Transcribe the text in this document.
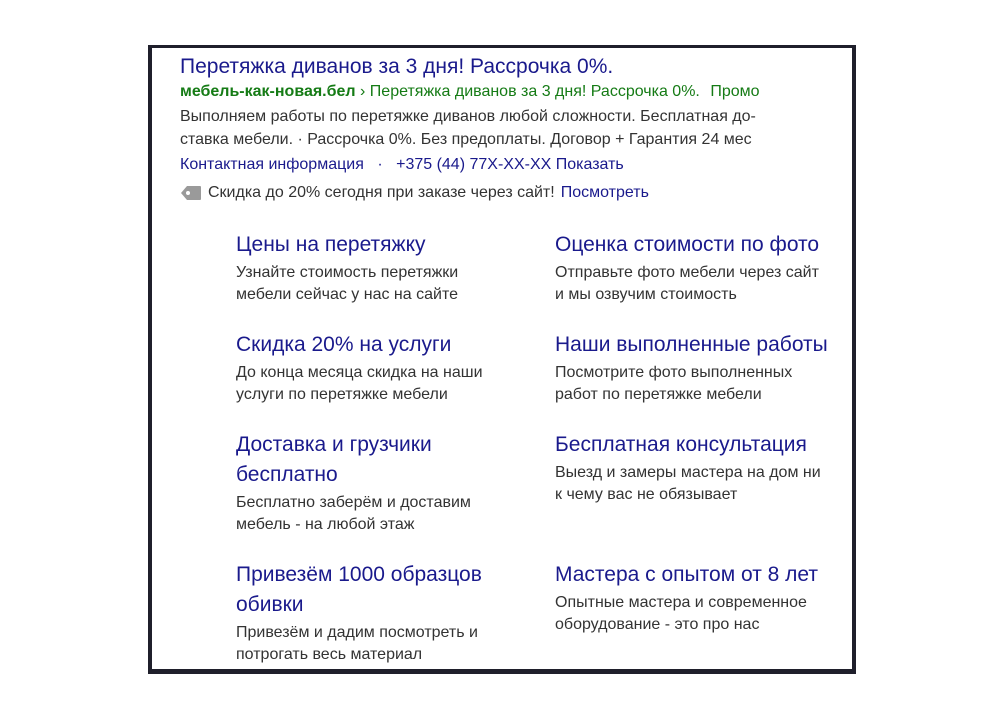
Перетяжка диванов за 3 дня! Рассрочка 0%.
мебель-как-новая.бел › Перетяжка диванов за 3 дня! Рассрочка 0%. Промо
Выполняем работы по перетяжке диванов любой сложности. Бесплатная до-
ставка мебели. · Рассрочка 0%. Без предоплаты. Договор + Гарантия 24 мес
Контактная информация · +375 (44) 77X-XX-XX Показать
Скидка до 20% сегодня при заказе через сайт! Посмотреть
Цены на перетяжку
Узнайте стоимость перетяжки
мебели сейчас у нас на сайте
Оценка стоимости по фото
Отправьте фото мебели через сайт
и мы озвучим стоимость
Скидка 20% на услуги
До конца месяца скидка на наши
услуги по перетяжке мебели
Наши выполненные работы
Посмотрите фото выполненных
работ по перетяжке мебели
Доставка и грузчики
бесплатно
Бесплатно заберём и доставим
мебель - на любой этаж
Бесплатная консультация
Выезд и замеры мастера на дом ни
к чему вас не обязывает
Привезём 1000 образцов
обивки
Привезём и дадим посмотреть и
потрогать весь материал
Мастера с опытом от 8 лет
Опытные мастера и современное
оборудование - это про нас
